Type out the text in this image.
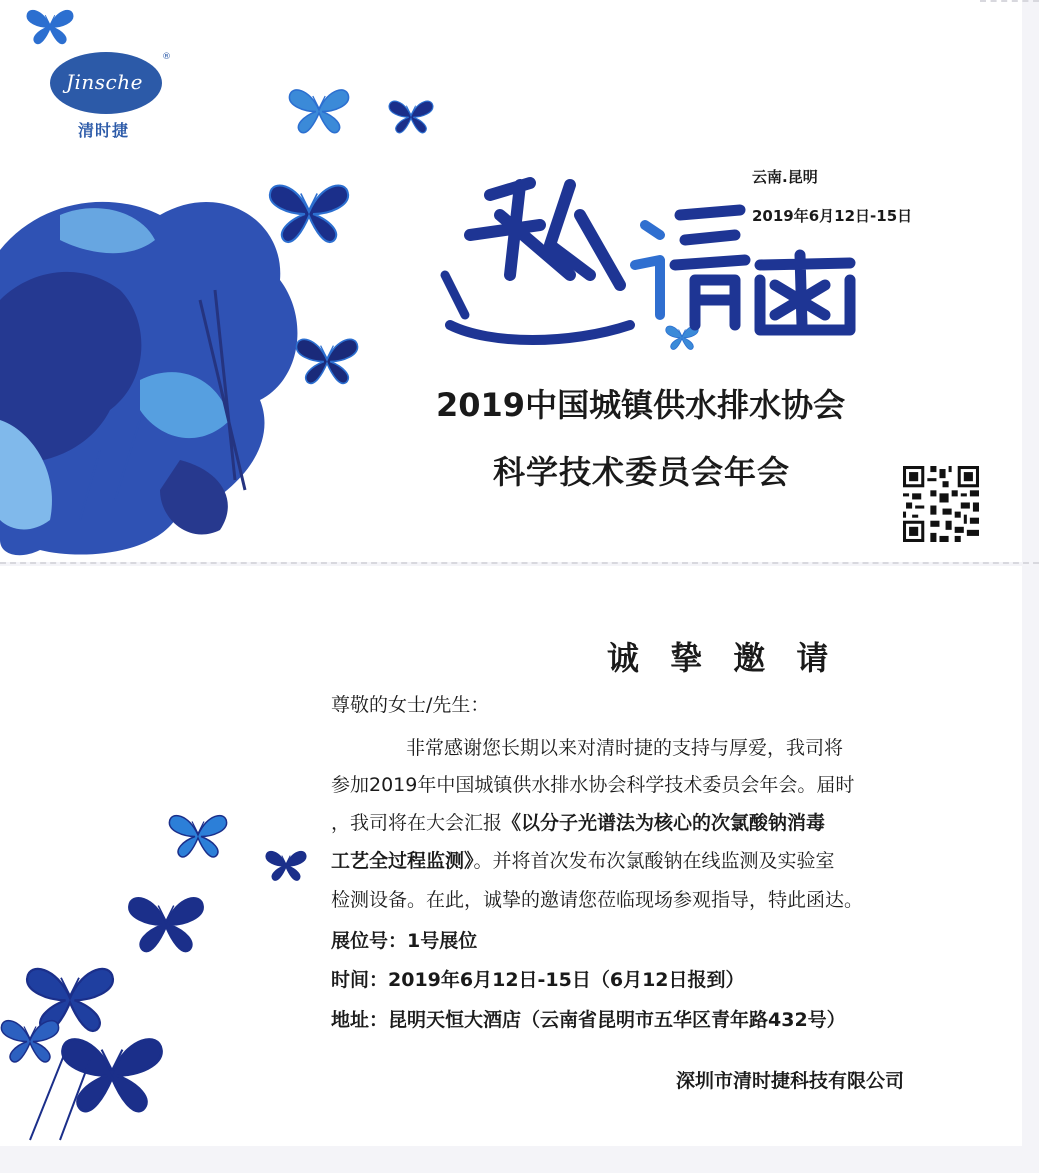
Jinsche
®
清时捷
云南.昆明
2019年6月12日-15日
2019中国城镇供水排水协会
科学技术委员会年会
诚 挚 邀 请
尊敬的女士/先生：
非常感谢您长期以来对清时捷的支持与厚爱，我司将
参加2019年中国城镇供水排水协会科学技术委员会年会。届时
，我司将在大会汇报《以分子光谱法为核心的次氯酸钠消毒
工艺全过程监测》。并将首次发布次氯酸钠在线监测及实验室
检测设备。在此，诚挚的邀请您莅临现场参观指导，特此函达。
展位号：1号展位
时间：2019年6月12日-15日（6月12日报到）
地址：昆明天恒大酒店（云南省昆明市五华区青年路432号）
深圳市清时捷科技有限公司
